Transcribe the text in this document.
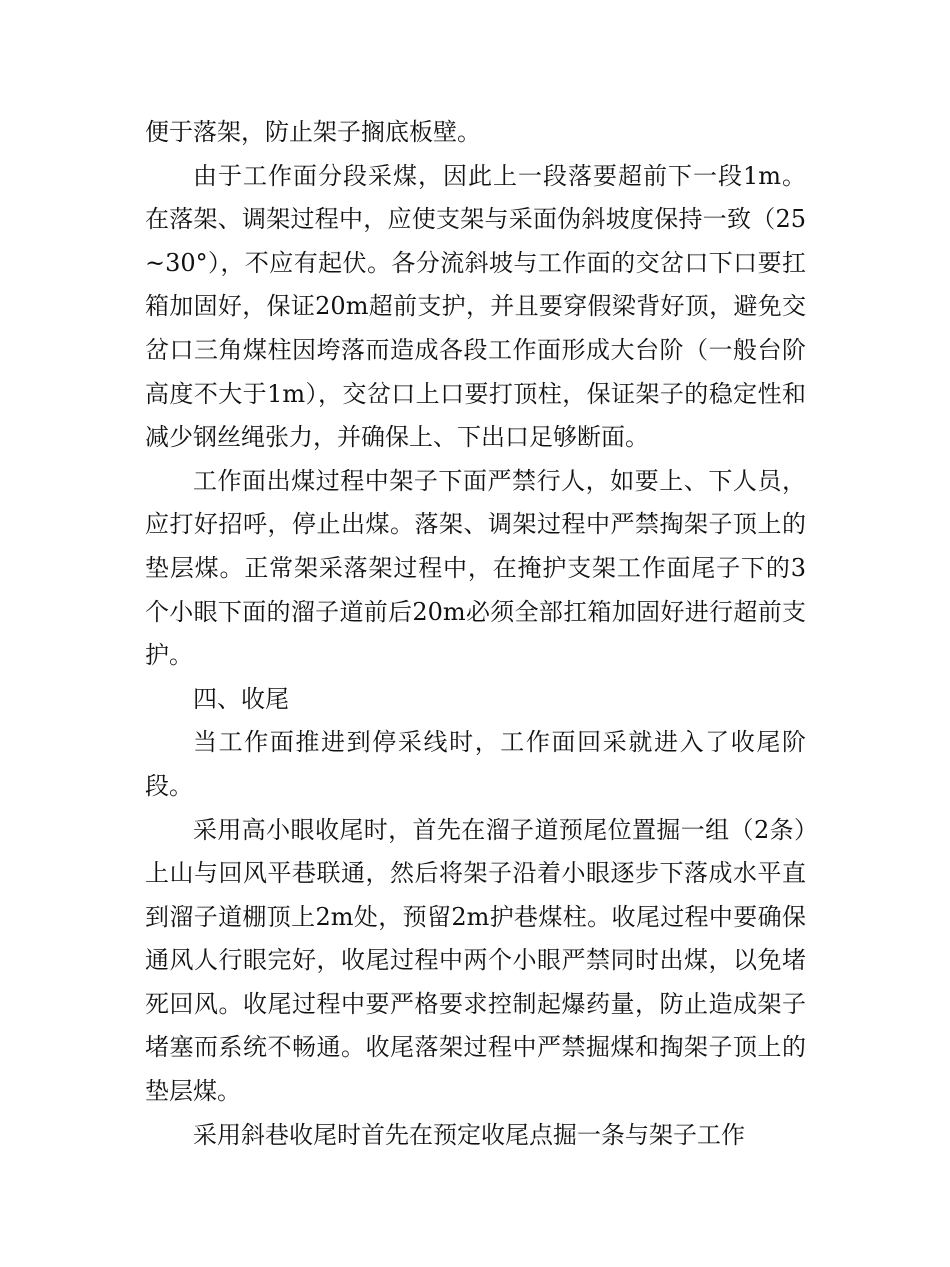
便于落架，防止架子搁底板壁。

由于工作面分段采煤，因此上一段落要超前下一段1m。在落架、调架过程中，应使支架与采面伪斜坡度保持一致（25~30°），不应有起伏。各分流斜坡与工作面的交岔口下口要扛箱加固好，保证20m超前支护，并且要穿假梁背好顶，避免交岔口三角煤柱因垮落而造成各段工作面形成大台阶（一般台阶高度不大于1m），交岔口上口要打顶柱，保证架子的稳定性和减少钢丝绳张力，并确保上、下出口足够断面。

工作面出煤过程中架子下面严禁行人，如要上、下人员，应打好招呼，停止出煤。落架、调架过程中严禁掏架子顶上的垫层煤。正常架采落架过程中，在掩护支架工作面尾子下的3个小眼下面的溜子道前后20m必须全部扛箱加固好进行超前支护。

四、收尾

当工作面推进到停采线时，工作面回采就进入了收尾阶段。

采用高小眼收尾时，首先在溜子道预尾位置掘一组（2条）上山与回风平巷联通，然后将架子沿着小眼逐步下落成水平直到溜子道棚顶上2m处，预留2m护巷煤柱。收尾过程中要确保通风人行眼完好，收尾过程中两个小眼严禁同时出煤，以免堵死回风。收尾过程中要严格要求控制起爆药量，防止造成架子堵塞而系统不畅通。收尾落架过程中严禁掘煤和掏架子顶上的垫层煤。

采用斜巷收尾时首先在预定收尾点掘一条与架子工作
